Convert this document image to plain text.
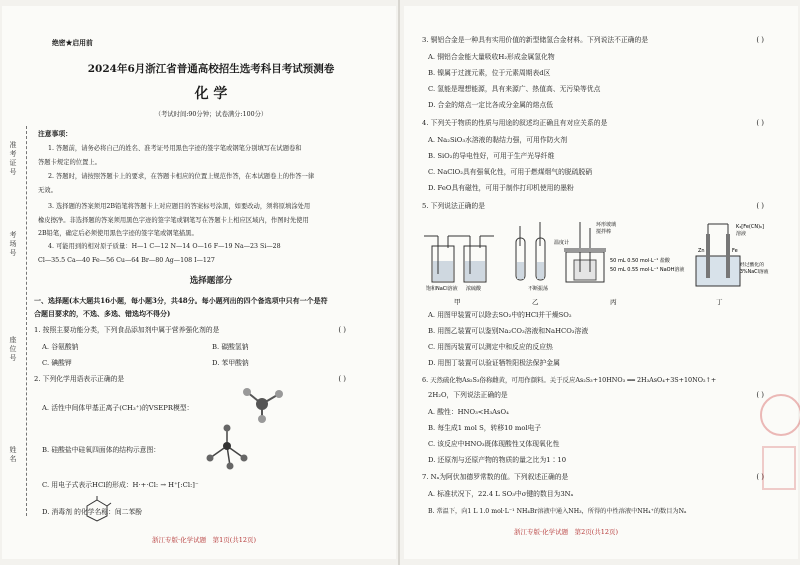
准考证号
考场号
座位号
姓名
绝密★启用前
2024年6月浙江省普通高校招生选考科目考试预测卷
化 学
（考试时间:90分钟；试卷满分:100分）
注意事项：
1. 答题前，请务必将自己的姓名、准考证号用黑色字迹的签字笔或钢笔分别填写在试题卷和
答题卡规定的位置上。
2. 答题时，请按照答题卡上的要求，在答题卡相应的位置上规范作答，在本试题卷上的作答一律
无效。
3. 选择题的答案须用2B铅笔将答题卡上对应题目的答案标号涂黑，如要改动，须将原填涂处用
橡皮擦净。非选择题的答案须用黑色字迹的签字笔或钢笔写在答题卡上相应区域内，作图时先使用
2B铅笔，确定后必须使用黑色字迹的签字笔或钢笔描黑。
4. 可能用到的相对原子质量：H—1 C—12 N—14 O—16 F—19 Na—23 Si—28
Cl—35.5 Ca—40 Fe—56 Cu—64 Br—80 Ag—108 I—127
选择题部分
一、选择题(本大题共16小题，每小题3分，共48分。每小题列出的四个备选项中只有一个是符
合题目要求的，不选、多选、错选均不得分)
1. 按照主要功能分类，下列食品添加剂中属于营养强化剂的是	( )
A. 谷氨酸钠	B. 碳酸氢钠
C. 碘酸钾	D. 苯甲酸钠
2. 下列化学用语表示正确的是	( )
A. 活性中间体甲基正离子(CH₃⁺)的VSEPR模型：
B. 硅酸盐中硅氧四面体的结构示意图：
C. 用电子式表示HCl的形成：H·+·Cl: → H⁺[:Cl:]⁻
D. 消毒剂 的化学名称：间二苯酚
浙江专版·化学试题　第1页(共12页)
3. 铜铝合金是一种具有实用价值的新型储氢合金材料。下列说法不正确的是	( )
A. 铜铝合金能大量吸收H₂形成金属氢化物
B. 镍属于过渡元素，位于元素周期表d区
C. 氢能是理想能源，具有来源广、热值高、无污染等优点
D. 合金的熔点一定比各成分金属的熔点低
4. 下列关于物质的性质与用途的叙述均正确且有对应关系的是	( )
A. Na₂SiO₃水溶液的黏结力强，可用作防火剂
B. SiO₂的导电性好，可用于生产光导纤维
C. NaClO₂具有强氧化性，可用于燃煤烟气的脱硫脱硝
D. FeO具有磁性，可用于制作打印机使用的墨粉
5. 下列说法正确的是	( )
饱和NaCl溶液 浓硫酸
甲
不断振荡
乙
温度计
环形玻璃
搅拌棒
50 mL 0.50 mol·L⁻¹ 盐酸
50 mL 0.55 mol·L⁻¹ NaOH溶液
丙
Zn	Fe
K₃[Fe(CN)₆]
溶液
经过酸化的
3%NaCl溶液
丁
A. 用图甲装置可以除去SO₂中的HCl并干燥SO₂
B. 用图乙装置可以鉴别Na₂CO₃溶液和NaHCO₃溶液
C. 用图丙装置可以测定中和反应的反应热
D. 用图丁装置可以验证牺牲阳极法保护金属
6. 天然硫化物As₂S₃俗称雌黄，可用作颜料。关于反应As₂S₃+10HNO₃ ══ 2H₃AsO₄+3S+10NO₂↑+
2H₂O，下列说法正确的是	( )
A. 酸性：HNO₃<H₃AsO₄
B. 每生成1 mol S，转移10 mol电子
C. 该反应中HNO₃既体现酸性又体现氧化性
D. 还原剂与还原产物的物质的量之比为1∶10
7. Nₐ为阿伏加德罗常数的值。下列叙述正确的是	( )
A. 标准状况下，22.4 L SO₃中σ键的数目为3Nₐ
B. 常温下，向1 L 1.0 mol·L⁻¹ NH₄Br溶液中通入NH₃，所得的中性溶液中NH₄⁺的数目为Nₐ
浙江专版·化学试题　第2页(共12页)
